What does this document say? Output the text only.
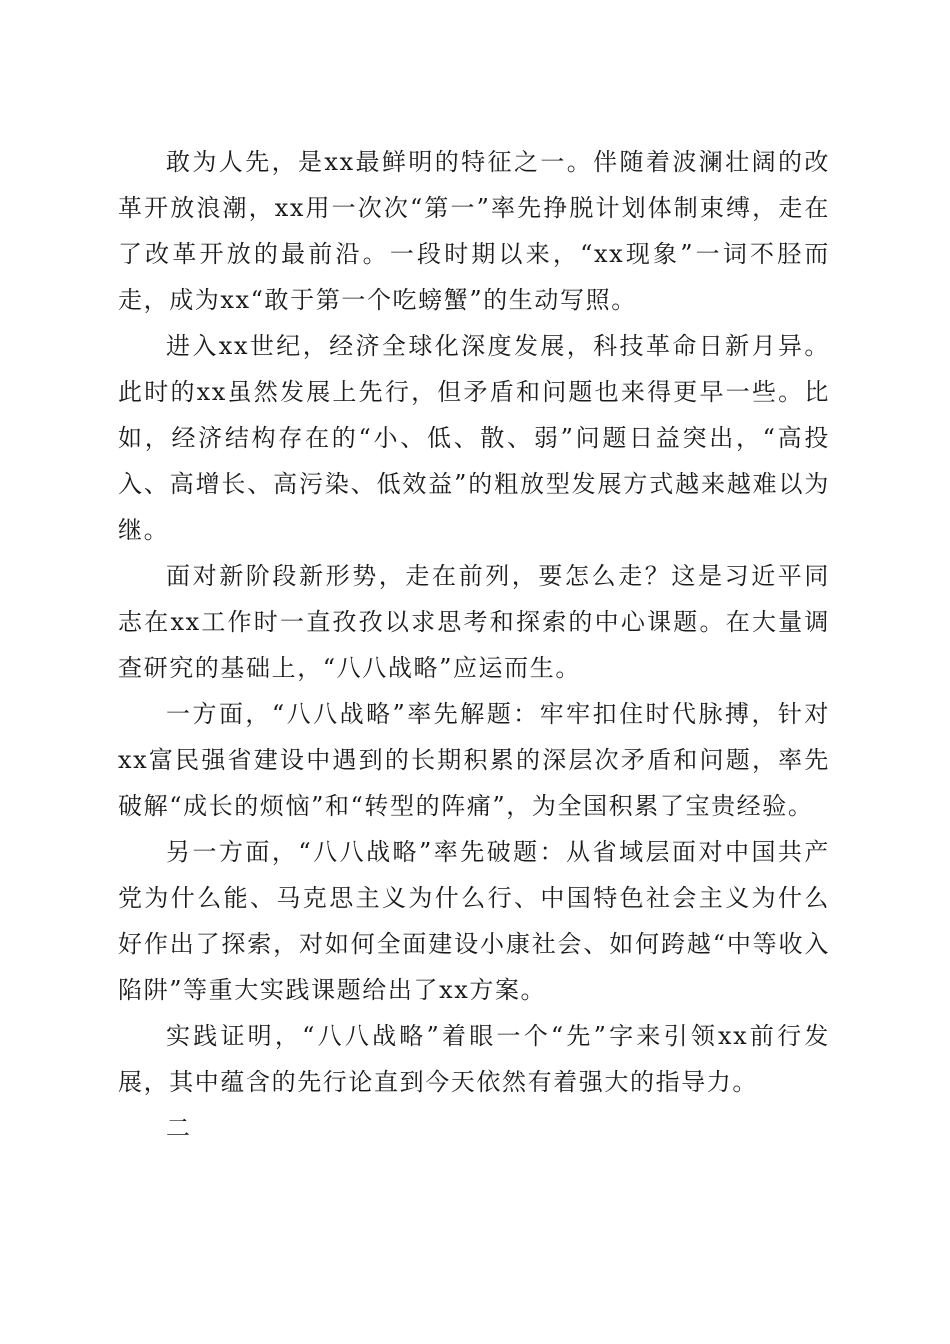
敢为人先，是xx最鲜明的特征之一。伴随着波澜壮阔的改革开放浪潮，xx用一次次“第一”率先挣脱计划体制束缚，走在了改革开放的最前沿。一段时期以来，“xx现象”一词不胫而走，成为xx“敢于第一个吃螃蟹”的生动写照。

进入xx世纪，经济全球化深度发展，科技革命日新月异。此时的xx虽然发展上先行，但矛盾和问题也来得更早一些。比如，经济结构存在的“小、低、散、弱”问题日益突出，“高投入、高增长、高污染、低效益”的粗放型发展方式越来越难以为继。

面对新阶段新形势，走在前列，要怎么走？这是习近平同志在xx工作时一直孜孜以求思考和探索的中心课题。在大量调查研究的基础上，“八八战略”应运而生。

一方面，“八八战略”率先解题：牢牢扣住时代脉搏，针对xx富民强省建设中遇到的长期积累的深层次矛盾和问题，率先破解“成长的烦恼”和“转型的阵痛”，为全国积累了宝贵经验。

另一方面，“八八战略”率先破题：从省域层面对中国共产党为什么能、马克思主义为什么行、中国特色社会主义为什么好作出了探索，对如何全面建设小康社会、如何跨越“中等收入陷阱”等重大实践课题给出了xx方案。

实践证明，“八八战略”着眼一个“先”字来引领xx前行发展，其中蕴含的先行论直到今天依然有着强大的指导力。

二
